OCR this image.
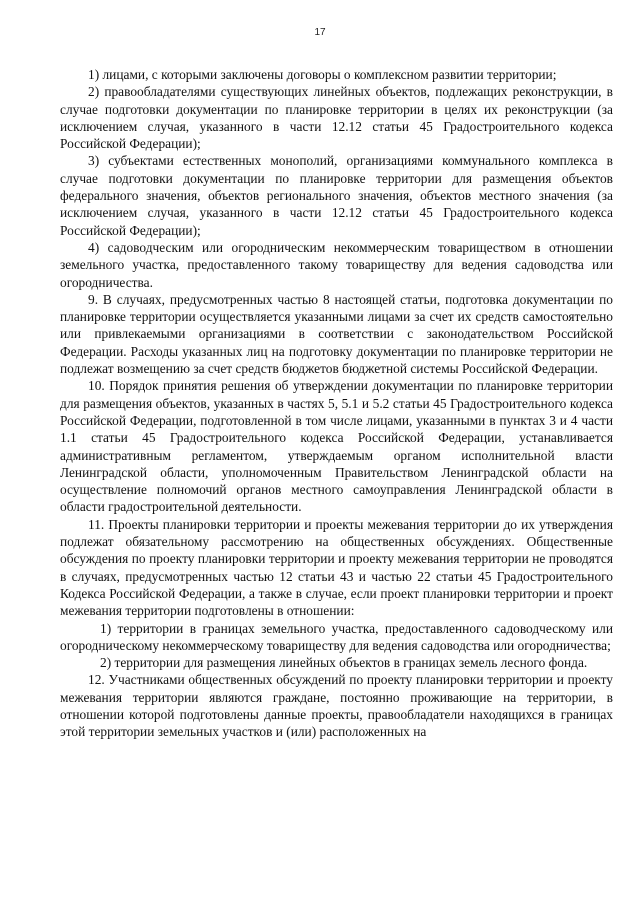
17

1) лицами, с которыми заключены договоры о комплексном развитии территории;

2) правообладателями существующих линейных объектов, подлежащих реконструкции, в случае подготовки документации по планировке территории в целях их реконструкции (за исключением случая, указанного в части 12.12 статьи 45 Градостроительного кодекса Российской Федерации);

3) субъектами естественных монополий, организациями коммунального комплекса в случае подготовки документации по планировке территории для размещения объектов федерального значения, объектов регионального значения, объектов местного значения (за исключением случая, указанного в части 12.12 статьи 45 Градостроительного кодекса Российской Федерации);

4) садоводческим или огородническим некоммерческим товариществом в отношении земельного участка, предоставленного такому товариществу для ведения садоводства или огородничества.

9. В случаях, предусмотренных частью 8 настоящей статьи, подготовка документации по планировке территории осуществляется указанными лицами за счет их средств самостоятельно или привлекаемыми организациями в соответствии с законодательством Российской Федерации. Расходы указанных лиц на подготовку документации по планировке территории не подлежат возмещению за счет средств бюджетов бюджетной системы Российской Федерации.

10. Порядок принятия решения об утверждении документации по планировке территории для размещения объектов, указанных в частях 5, 5.1 и 5.2 статьи 45 Градостроительного кодекса Российской Федерации, подготовленной в том числе лицами, указанными в пунктах 3 и 4 части 1.1 статьи 45 Градостроительного кодекса Российской Федерации, устанавливается административным регламентом, утверждаемым органом исполнительной власти Ленинградской области, уполномоченным Правительством Ленинградской области на осуществление полномочий органов местного самоуправления Ленинградской области в области градостроительной деятельности.

11. Проекты планировки территории и проекты межевания территории до их утверждения подлежат обязательному рассмотрению на общественных обсуждениях. Общественные обсуждения по проекту планировки территории и проекту межевания территории не проводятся в случаях, предусмотренных частью 12 статьи 43 и частью 22 статьи 45 Градостроительного Кодекса Российской Федерации, а также в случае, если проект планировки территории и проект межевания территории подготовлены в отношении:

1) территории в границах земельного участка, предоставленного садоводческому или огородническому некоммерческому товариществу для ведения садоводства или огородничества;

2) территории для размещения линейных объектов в границах земель лесного фонда.

12. Участниками общественных обсуждений по проекту планировки территории и проекту межевания территории являются граждане, постоянно проживающие на территории, в отношении которой подготовлены данные проекты, правообладатели находящихся в границах этой территории земельных участков и (или) расположенных на
